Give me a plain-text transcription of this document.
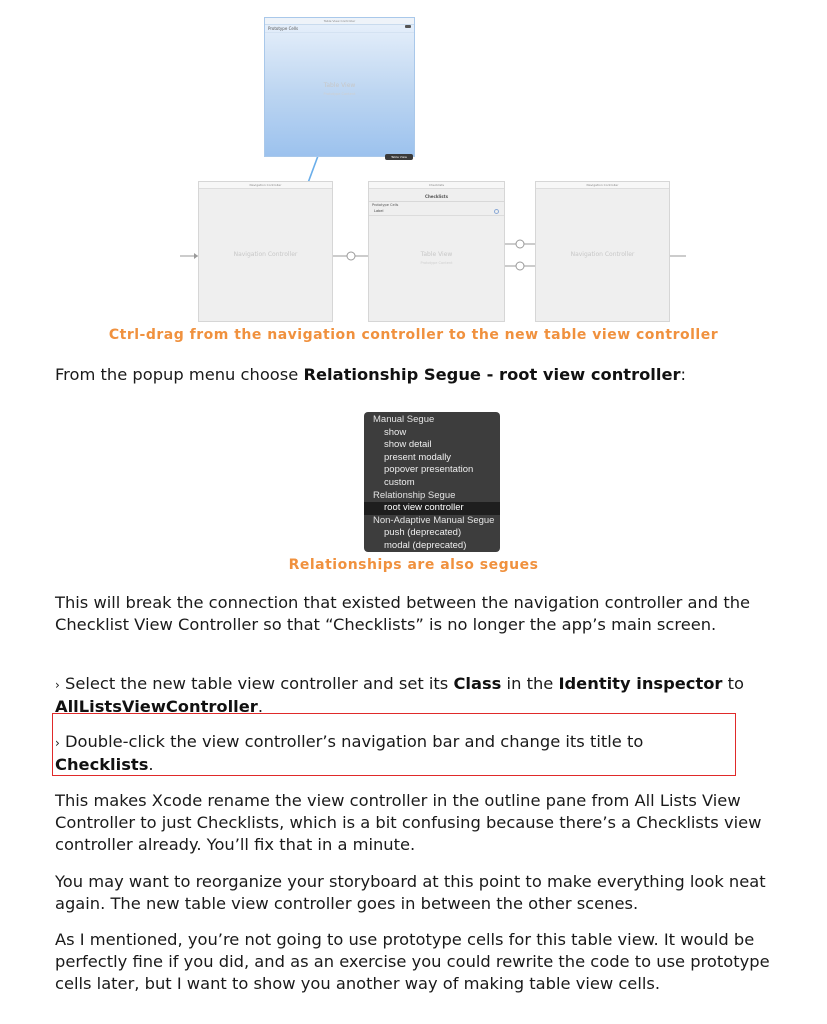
Table View Controller
Prototype Cells
Table View
Prototype Content
Table View Controller
Navigation Controller
Navigation Controller
Checklists
Checklists
Prototype Cells
Label
Table View
Prototype Content
Navigation Controller
Navigation Controller
Ctrl-drag from the navigation controller to the new table view controller
From the popup menu choose Relationship Segue - root view controller:
Manual Segue
show
show detail
present modally
popover presentation
custom
Relationship Segue
root view controller
Non-Adaptive Manual Segue
push (deprecated)
modal (deprecated)
Relationships are also segues
This will break the connection that existed between the navigation controller and the Checklist View Controller so that “Checklists” is no longer the app’s main screen.
› Select the new table view controller and set its Class in the Identity inspector to AllListsViewController.
› Double-click the view controller’s navigation bar and change its title to Checklists.
This makes Xcode rename the view controller in the outline pane from All Lists View Controller to just Checklists, which is a bit confusing because there’s a Checklists view controller already. You’ll fix that in a minute.
You may want to reorganize your storyboard at this point to make everything look neat again. The new table view controller goes in between the other scenes.
As I mentioned, you’re not going to use prototype cells for this table view. It would be perfectly fine if you did, and as an exercise you could rewrite the code to use prototype cells later, but I want to show you another way of making table view cells.
